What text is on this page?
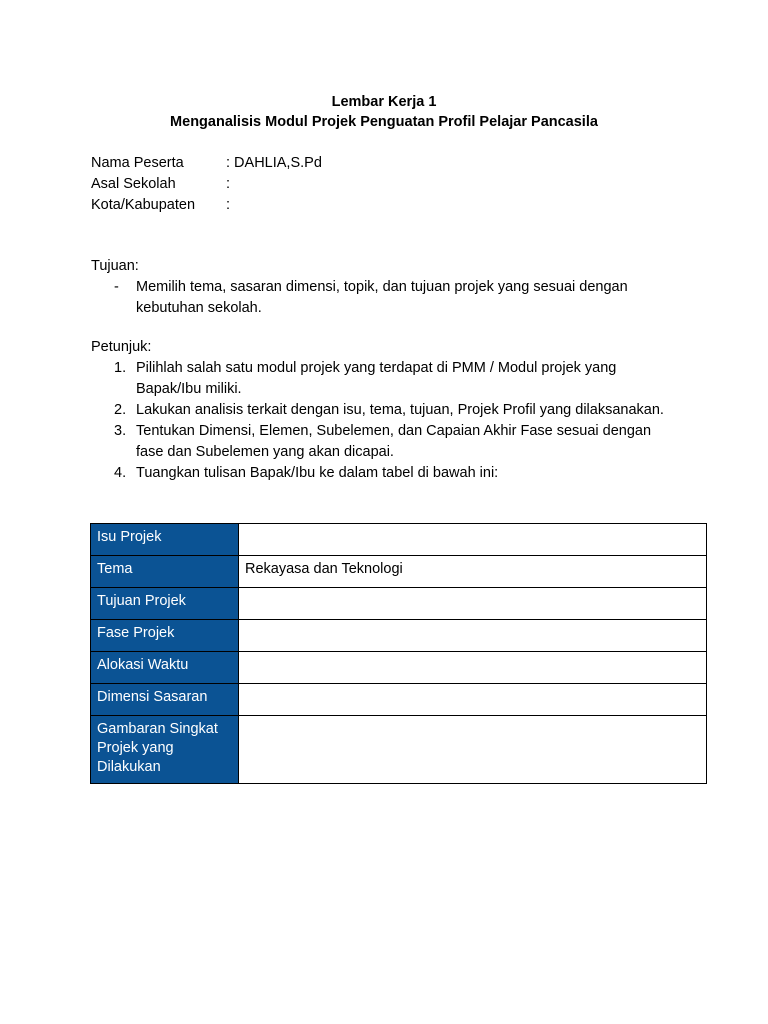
Lembar Kerja 1
Menganalisis Modul Projek Penguatan Profil Pelajar Pancasila
Nama Peserta	: DAHLIA,S.Pd
Asal Sekolah	:
Kota/Kabupaten	:
Tujuan:
-	Memilih tema, sasaran dimensi, topik, dan tujuan projek yang sesuai dengan kebutuhan sekolah.
Petunjuk:
1. Pilihlah salah satu modul projek yang terdapat di PMM / Modul projek yang Bapak/Ibu miliki.
2. Lakukan analisis terkait dengan isu, tema, tujuan, Projek Profil yang dilaksanakan.
3. Tentukan Dimensi, Elemen, Subelemen, dan Capaian Akhir Fase sesuai dengan fase dan Subelemen yang akan dicapai.
4. Tuangkan tulisan Bapak/Ibu ke dalam tabel di bawah ini:
Isu Projek	
Tema	Rekayasa dan Teknologi
Tujuan Projek	
Fase Projek	
Alokasi Waktu	
Dimensi Sasaran	
Gambaran Singkat Projek yang Dilakukan	
